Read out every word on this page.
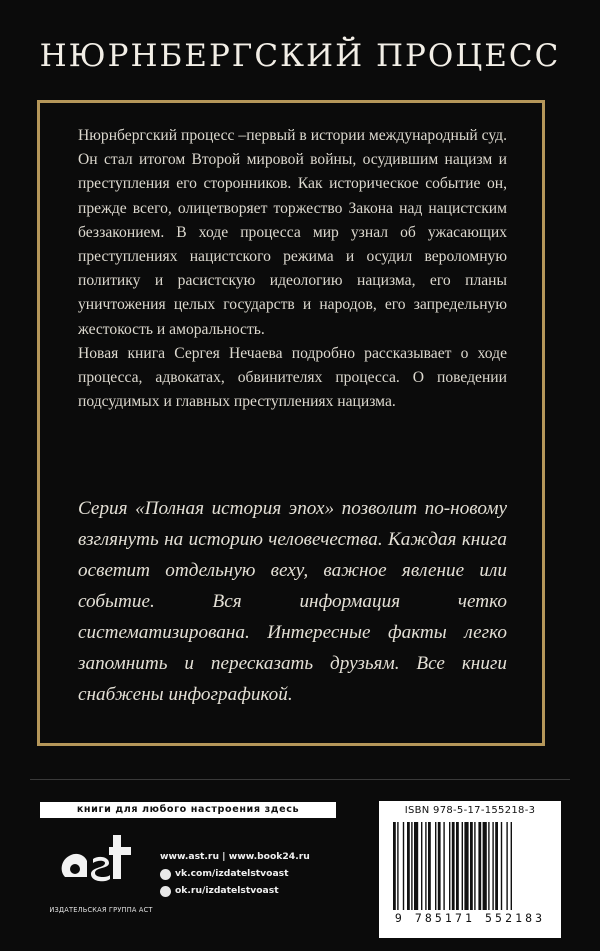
НЮРНБЕРГСКИЙ ПРОЦЕСС

Нюрнбергский процесс –первый в истории международный суд. Он стал итогом Второй мировой войны, осудившим нацизм и преступления его сторонников. Как историческое событие он, прежде всего, олицетворяет торжество Закона над нацистским беззаконием. В ходе процесса мир узнал об ужасающих преступлениях нацистского режима и осудил вероломную политику и расистскую идеологию нацизма, его планы уничтожения целых государств и народов, его запредельную жестокость и аморальность.

Новая книга Сергея Нечаева подробно рассказывает о ходе процесса, адвокатах, обвинителях процесса. О поведении подсудимых и главных преступлениях нацизма.

Серия «Полная история эпох» позволит по-новому взглянуть на историю человечества. Каждая книга осветит отдельную веху, важное явление или событие. Вся информация четко систематизирована. Интересные факты легко запомнить и пересказать друзьям. Все книги снабжены инфографикой.
книги для любого настроения здесь
ИЗДАТЕЛЬСКАЯ ГРУППА АСТ
www.ast.ru | www.book24.ru
vk.com/izdatelstvoast
ok.ru/izdatelstvoast
ISBN 978-5-17-155218-3
9 785171 552183
